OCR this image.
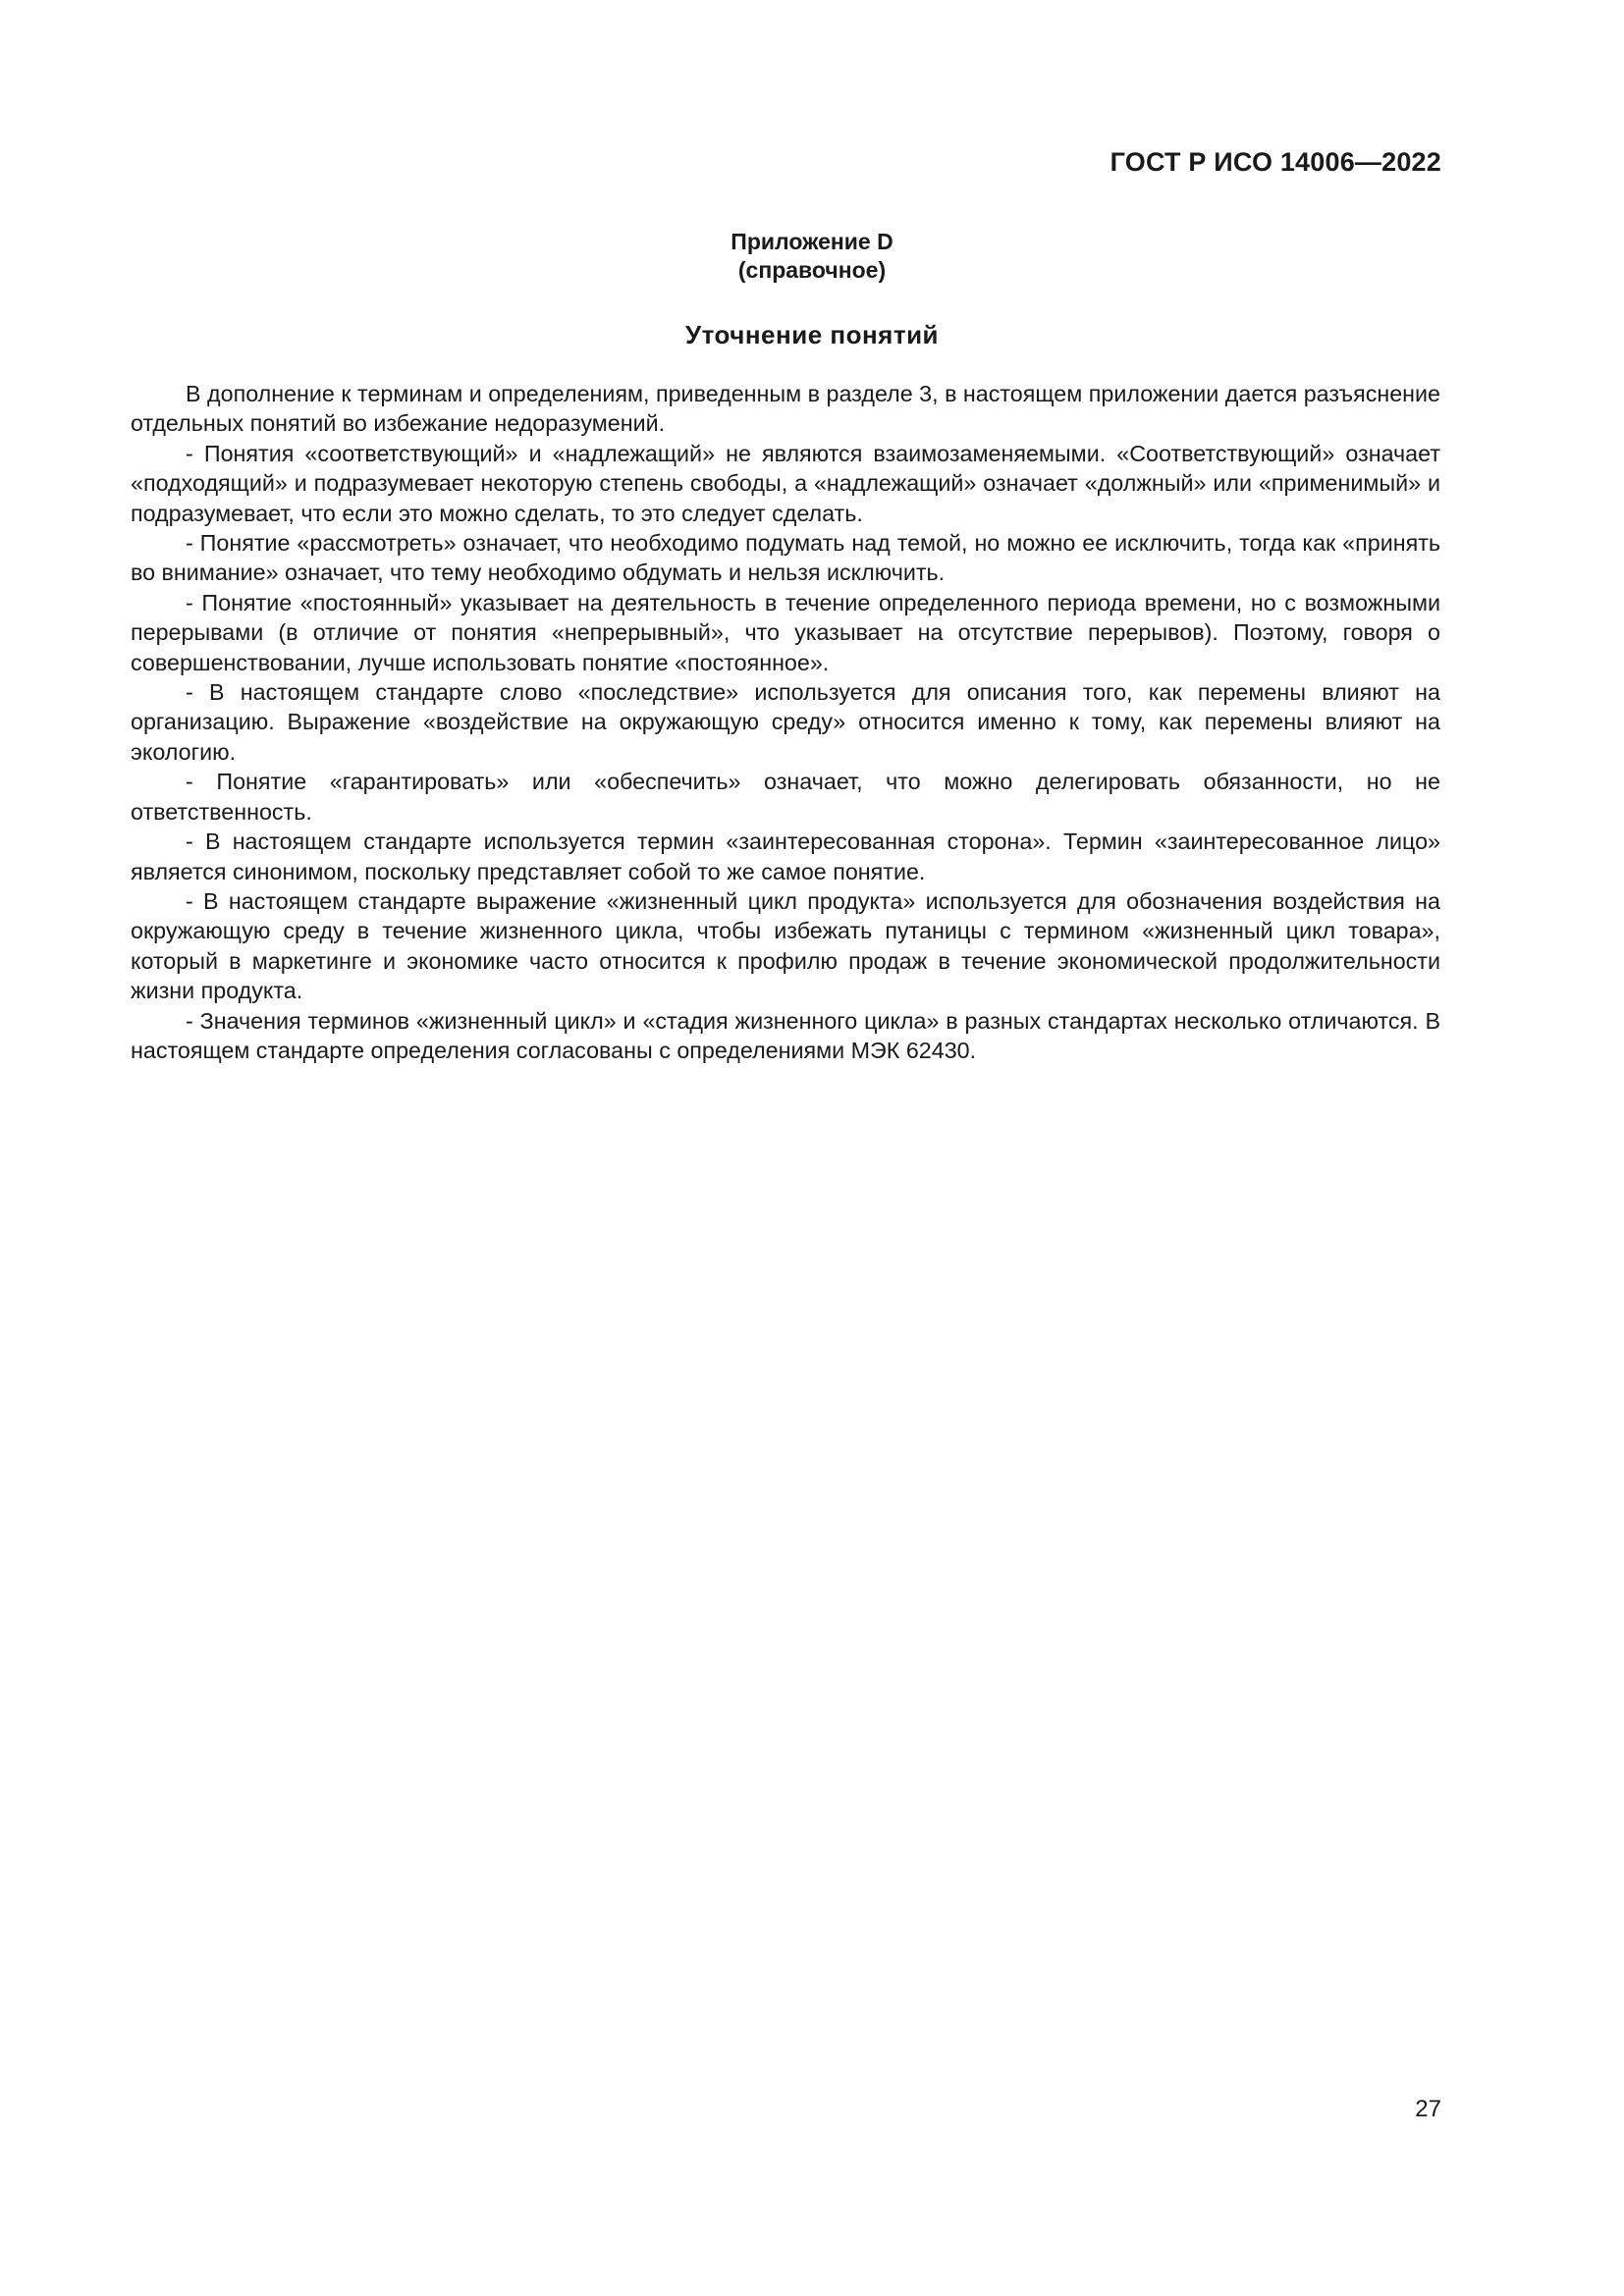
ГОСТ Р ИСО 14006—2022
Приложение D
(справочное)
Уточнение понятий

В дополнение к терминам и определениям, приведенным в разделе 3, в настоящем приложении дается разъяснение отдельных понятий во избежание недоразумений.

- Понятия «соответствующий» и «надлежащий» не являются взаимозаменяемыми. «Соответствующий» означает «подходящий» и подразумевает некоторую степень свободы, а «надлежащий» означает «должный» или «применимый» и подразумевает, что если это можно сделать, то это следует сделать.

- Понятие «рассмотреть» означает, что необходимо подумать над темой, но можно ее исключить, тогда как «принять во внимание» означает, что тему необходимо обдумать и нельзя исключить.

- Понятие «постоянный» указывает на деятельность в течение определенного периода времени, но с возможными перерывами (в отличие от понятия «непрерывный», что указывает на отсутствие перерывов). Поэтому, говоря о совершенствовании, лучше использовать понятие «постоянное».

- В настоящем стандарте слово «последствие» используется для описания того, как перемены влияют на организацию. Выражение «воздействие на окружающую среду» относится именно к тому, как перемены влияют на экологию.

- Понятие «гарантировать» или «обеспечить» означает, что можно делегировать обязанности, но не ответственность.

- В настоящем стандарте используется термин «заинтересованная сторона». Термин «заинтересованное лицо» является синонимом, поскольку представляет собой то же самое понятие.

- В настоящем стандарте выражение «жизненный цикл продукта» используется для обозначения воздействия на окружающую среду в течение жизненного цикла, чтобы избежать путаницы с термином «жизненный цикл товара», который в маркетинге и экономике часто относится к профилю продаж в течение экономической продолжительности жизни продукта.

- Значения терминов «жизненный цикл» и «стадия жизненного цикла» в разных стандартах несколько отличаются. В настоящем стандарте определения согласованы с определениями МЭК 62430.

27
